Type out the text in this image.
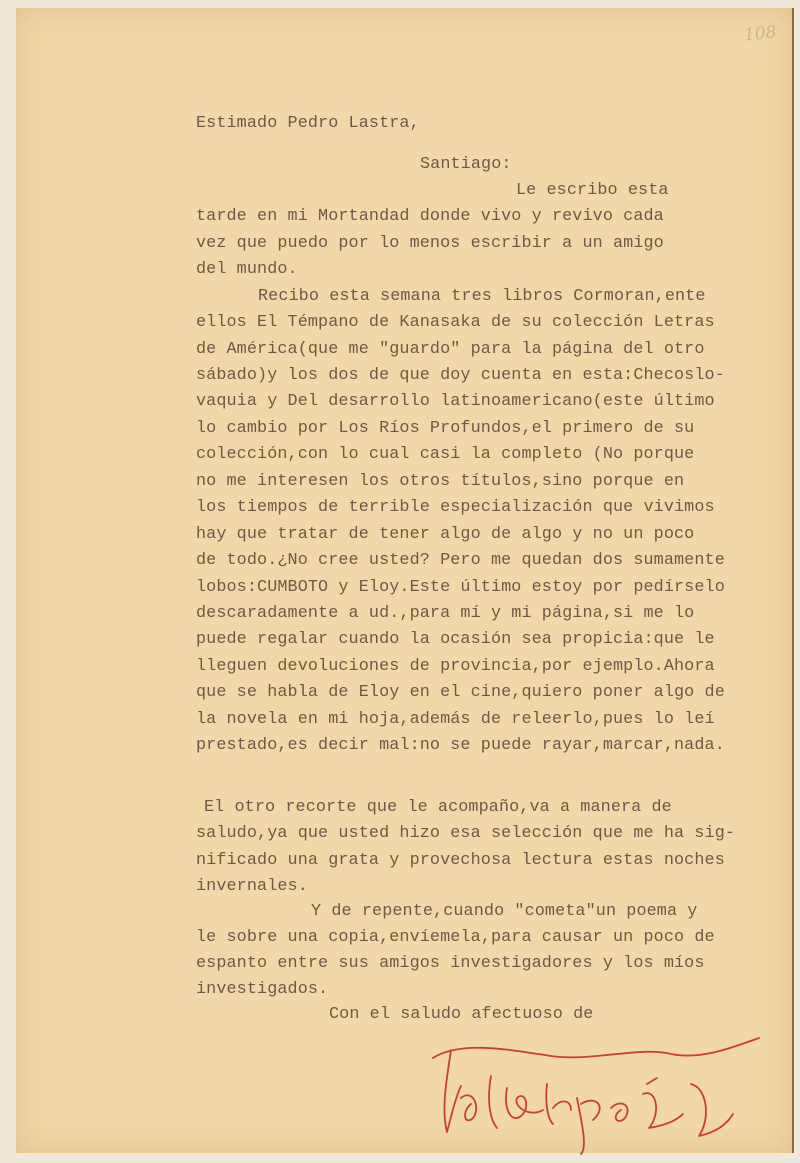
108
Estimado Pedro Lastra,
Santiago:
Le escribo esta
tarde en mi Mortandad donde vivo y revivo cada
vez que puedo por lo menos escribir a un amigo
del mundo.
Recibo esta semana tres libros Cormoran,ente
ellos El Témpano de Kanasaka de su colección Letras
de América(que me "guardo" para la página del otro
sábado)y los dos de que doy cuenta en esta:Checoslo-
vaquia y Del desarrollo latinoamericano(este último
lo cambio por Los Ríos Profundos,el primero de su
colección,con lo cual casi la completo (No porque
no me interesen los otros títulos,sino porque en
los tiempos de terrible especialización que vivimos
hay que tratar de tener algo de algo y no un poco
de todo.¿No cree usted? Pero me quedan dos sumamente
lobos:CUMBOTO y Eloy.Este último estoy por pedírselo
descaradamente a ud.,para mí y mi página,si me lo
puede regalar cuando la ocasión sea propicia:que le
lleguen devoluciones de provincia,por ejemplo.Ahora
que se habla de Eloy en el cine,quiero poner algo de
la novela en mi hoja,además de releerlo,pues lo leí
prestado,es decir mal:no se puede rayar,marcar,nada.
El otro recorte que le acompaño,va a manera de
saludo,ya que usted hizo esa selección que me ha sig-
nificado una grata y provechosa lectura estas noches
invernales.
Y de repente,cuando "cometa"un poema y
le sobre una copia,envíemela,para causar un poco de
espanto entre sus amigos investigadores y los míos
investigados.
Con el saludo afectuoso de
